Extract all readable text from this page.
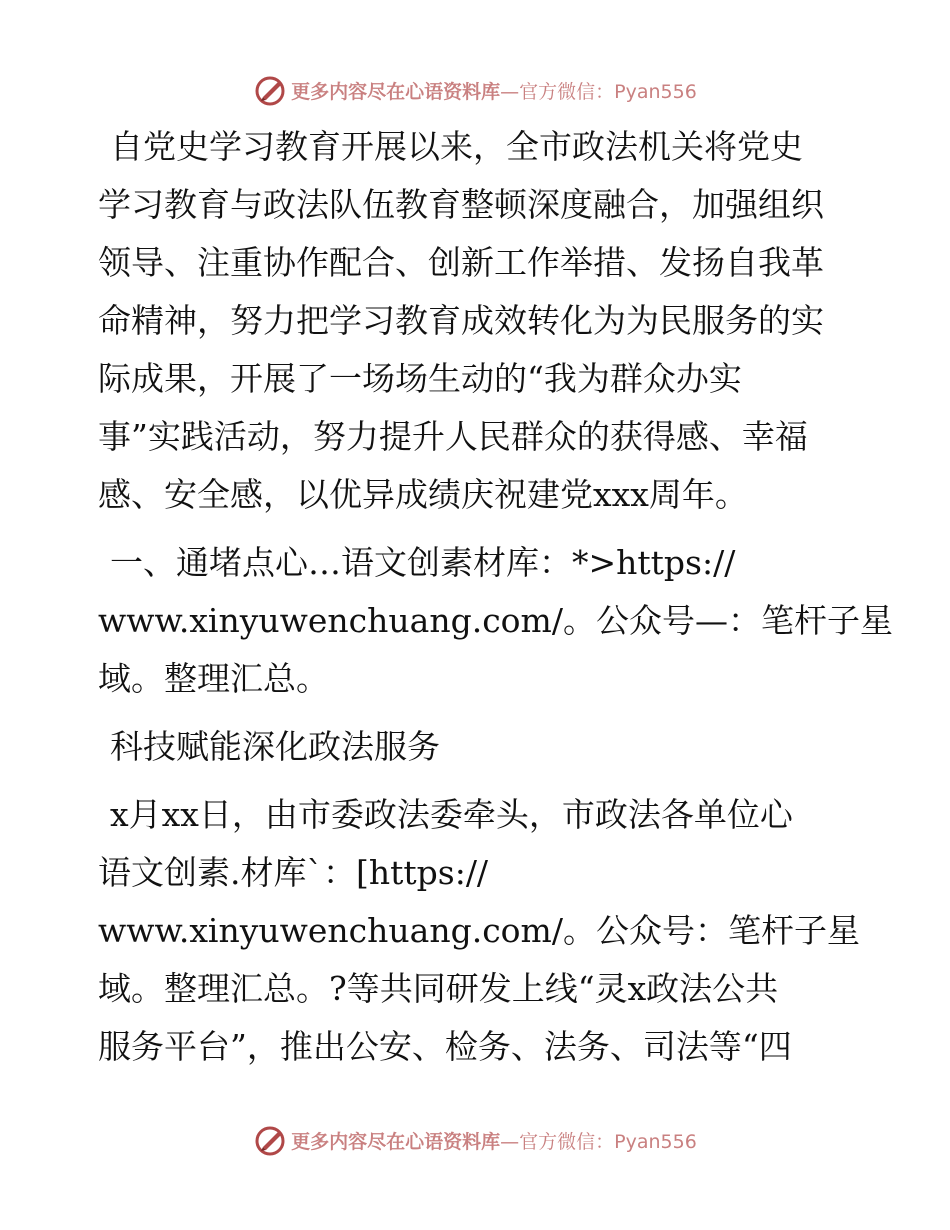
更多内容尽在心语资料库 —官方微信：Pyan556
自党史学习教育开展以来，全市政法机关将党史
学习教育与政法队伍教育整顿深度融合，加强组织
领导、注重协作配合、创新工作举措、发扬自我革
命精神，努力把学习教育成效转化为为民服务的实
际成果，开展了一场场生动的“我为群众办实
事”实践活动，努力提升人民群众的获得感、幸福
感、安全感，以优异成绩庆祝建党xxx周年。
一、通堵点心…语文创素材库：*>https://
www.xinyuwenchuang.com/。公众号—：笔杆子星
域。整理汇总。
科技赋能深化政法服务
x月xx日，由市委政法委牵头，市政法各单位心
语文创素.材库`：[https://
www.xinyuwenchuang.com/。公众号：笔杆子星
域。整理汇总。?等共同研发上线“灵x政法公共
服务平台”，推出公安、检务、法务、司法等“四
更多内容尽在心语资料库 —官方微信：Pyan556
